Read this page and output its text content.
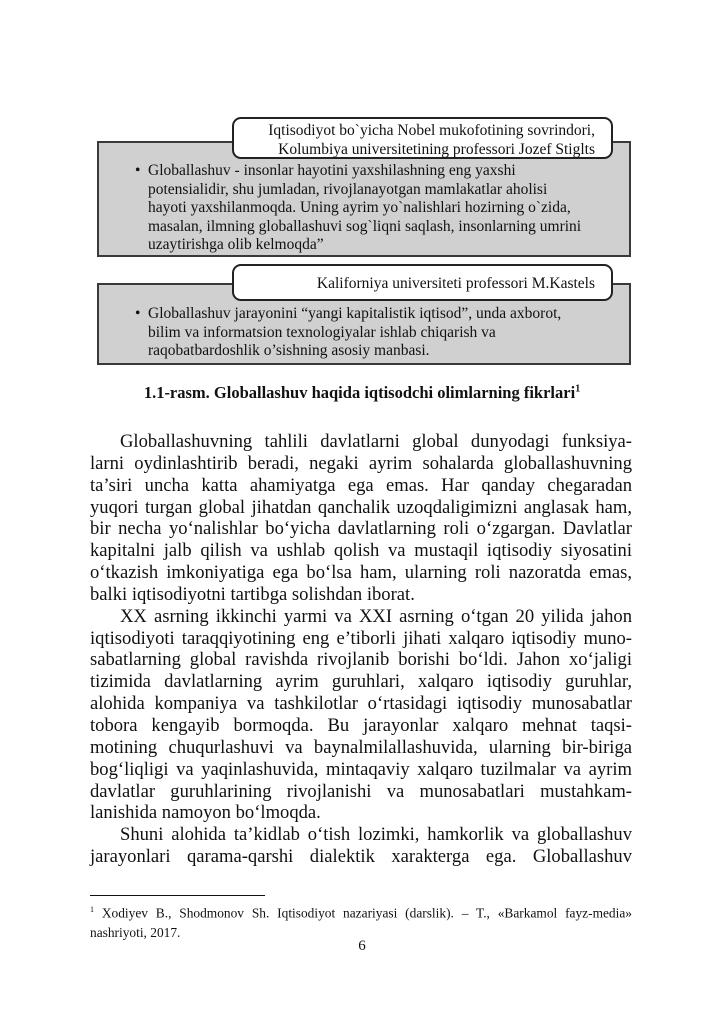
Iqtisodiyot bo`yicha Nobel mukofotining sovrindori,
Kolumbiya universitetining professori Jozef Stiglts
• Globallashuv - insonlar hayotini yaxshilashning eng yaxshi
potensialidir, shu jumladan, rivojlanayotgan mamlakatlar aholisi
hayoti yaxshilanmoqda. Uning ayrim yo`nalishlari hozirning o`zida,
masalan, ilmning globallashuvi sog`liqni saqlash, insonlarning umrini
uzaytirishga olib kelmoqda”
Kaliforniya universiteti professori M.Kastels
• Globallashuv jarayonini “yangi kapitalistik iqtisod”, unda axborot,
bilim va informatsion texnologiyalar ishlab chiqarish va
raqobatbardoshlik o’sishning asosiy manbasi.
1.1-rasm. Globallashuv haqida iqtisodchi olimlarning fikrlari$^1$
Globallashuvning tahlili davlatlarni global dunyodagi funksiya-
larni oydinlashtirib beradi, negaki ayrim sohalarda globallashuvning
ta’siri uncha katta ahamiyatga ega emas. Har qanday chegaradan
yuqori turgan global jihatdan qanchalik uzoqdaligimizni anglasak ham,
bir necha yo‘nalishlar bo‘yicha davlatlarning roli o‘zgargan. Davlatlar
kapitalni jalb qilish va ushlab qolish va mustaqil iqtisodiy siyosatini
o‘tkazish imkoniyatiga ega bo‘lsa ham, ularning roli nazoratda emas,
balki iqtisodiyotni tartibga solishdan iborat.
XX asrning ikkinchi yarmi va XXI asrning o‘tgan 20 yilida jahon
iqtisodiyoti taraqqiyotining eng e’tiborli jihati xalqaro iqtisodiy muno-
sabatlarning global ravishda rivojlanib borishi bo‘ldi. Jahon xo‘jaligi
tizimida davlatlarning ayrim guruhlari, xalqaro iqtisodiy guruhlar,
alohida kompaniya va tashkilotlar o‘rtasidagi iqtisodiy munosabatlar
tobora kengayib bormoqda. Bu jarayonlar xalqaro mehnat taqsi-
motining chuqurlashuvi va baynalmilallashuvida, ularning bir-biriga
bog‘liqligi va yaqinlashuvida, mintaqaviy xalqaro tuzilmalar va ayrim
davlatlar guruhlarining rivojlanishi va munosabatlari mustahkam-
lanishida namoyon bo‘lmoqda.
Shuni alohida ta’kidlab o‘tish lozimki, hamkorlik va globallashuv
jarayonlari qarama-qarshi dialektik xarakterga ega. Globallashuv
$^1$ Xodiyev B., Shodmonov Sh. Iqtisodiyot nazariyasi (darslik). – T., «Barkamol fayz-media»
nashriyoti, 2017.
6
